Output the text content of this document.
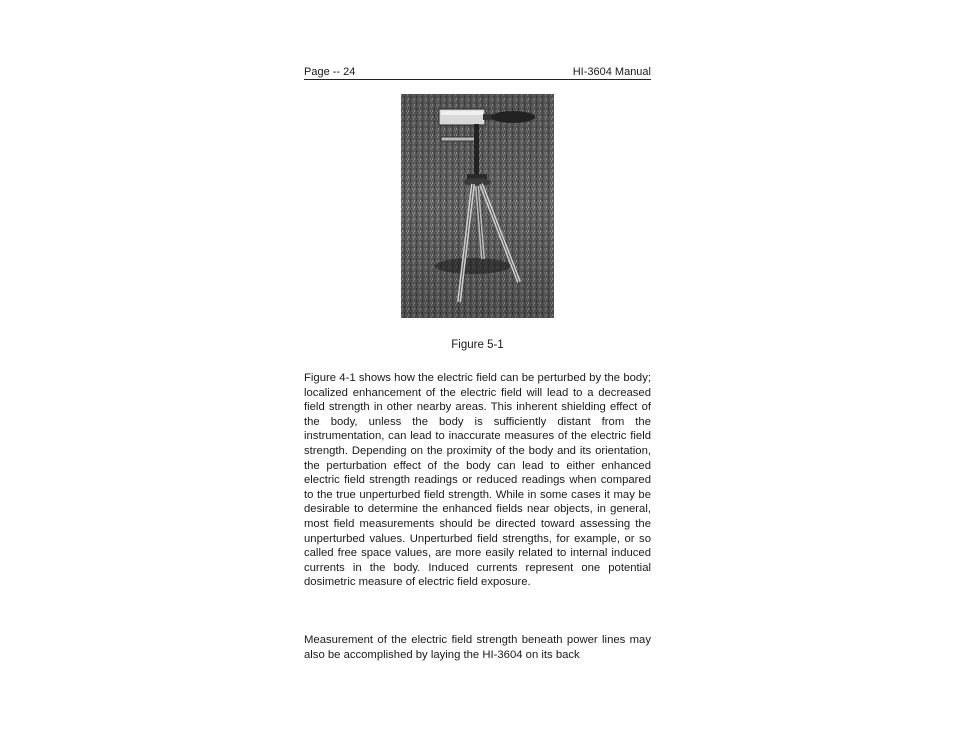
Page -- 24	HI-3604 Manual
Figure 5-1

Figure 4-1 shows how the electric field can be perturbed by the body; localized enhancement of the electric field will lead to a decreased field strength in other nearby areas. This inherent shielding effect of the body, unless the body is sufficiently distant from the instrumentation, can lead to inaccurate measures of the electric field strength. Depending on the proximity of the body and its orientation, the perturbation effect of the body can lead to either enhanced electric field strength readings or reduced readings when compared to the true unperturbed field strength. While in some cases it may be desirable to determine the enhanced fields near objects, in general, most field measurements should be directed toward assessing the unperturbed values. Unperturbed field strengths, for example, or so called free space values, are more easily related to internal induced currents in the body. Induced currents represent one potential dosimetric measure of electric field exposure.

Measurement of the electric field strength beneath power lines may also be accomplished by laying the HI-3604 on its back
